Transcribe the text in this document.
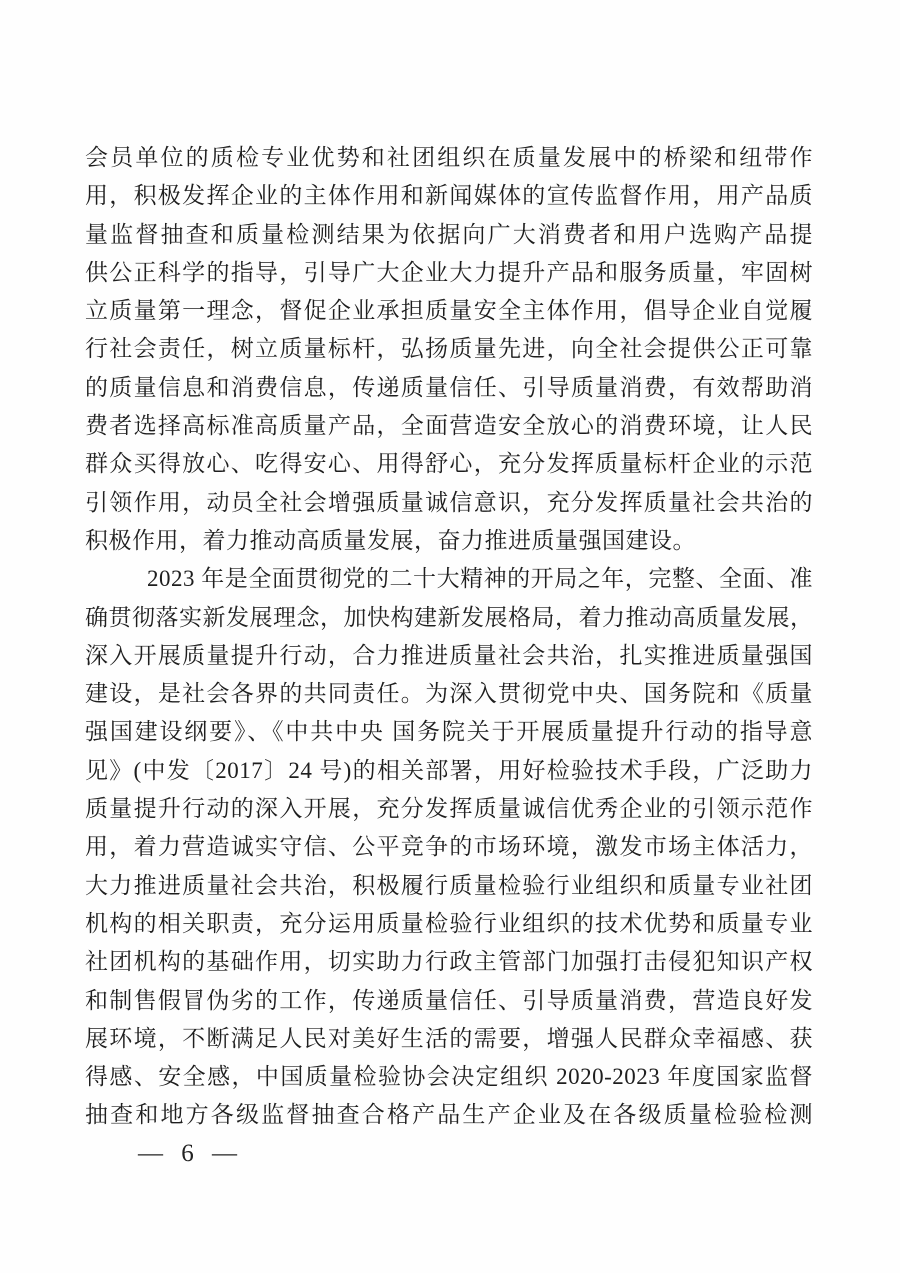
会员单位的质检专业优势和社团组织在质量发展中的桥梁和纽带作
用，积极发挥企业的主体作用和新闻媒体的宣传监督作用，用产品质
量监督抽查和质量检测结果为依据向广大消费者和用户选购产品提
供公正科学的指导，引导广大企业大力提升产品和服务质量，牢固树
立质量第一理念，督促企业承担质量安全主体作用，倡导企业自觉履
行社会责任，树立质量标杆，弘扬质量先进，向全社会提供公正可靠
的质量信息和消费信息，传递质量信任、引导质量消费，有效帮助消
费者选择高标准高质量产品，全面营造安全放心的消费环境，让人民
群众买得放心、吃得安心、用得舒心，充分发挥质量标杆企业的示范
引领作用，动员全社会增强质量诚信意识，充分发挥质量社会共治的
积极作用，着力推动高质量发展，奋力推进质量强国建设。
2023 年是全面贯彻党的二十大精神的开局之年，完整、全面、准
确贯彻落实新发展理念，加快构建新发展格局，着力推动高质量发展，
深入开展质量提升行动，合力推进质量社会共治，扎实推进质量强国
建设，是社会各界的共同责任。为深入贯彻党中央、国务院和《质量
强国建设纲要》、《中共中央 国务院关于开展质量提升行动的指导意
见》(中发〔2017〕24 号)的相关部署，用好检验技术手段，广泛助力
质量提升行动的深入开展，充分发挥质量诚信优秀企业的引领示范作
用，着力营造诚实守信、公平竞争的市场环境，激发市场主体活力，
大力推进质量社会共治，积极履行质量检验行业组织和质量专业社团
机构的相关职责，充分运用质量检验行业组织的技术优势和质量专业
社团机构的基础作用，切实助力行政主管部门加强打击侵犯知识产权
和制售假冒伪劣的工作，传递质量信任、引导质量消费，营造良好发
展环境，不断满足人民对美好生活的需要，增强人民群众幸福感、获
得感、安全感，中国质量检验协会决定组织 2020-2023 年度国家监督
抽查和地方各级监督抽查合格产品生产企业及在各级质量检验检测
— 6 —
